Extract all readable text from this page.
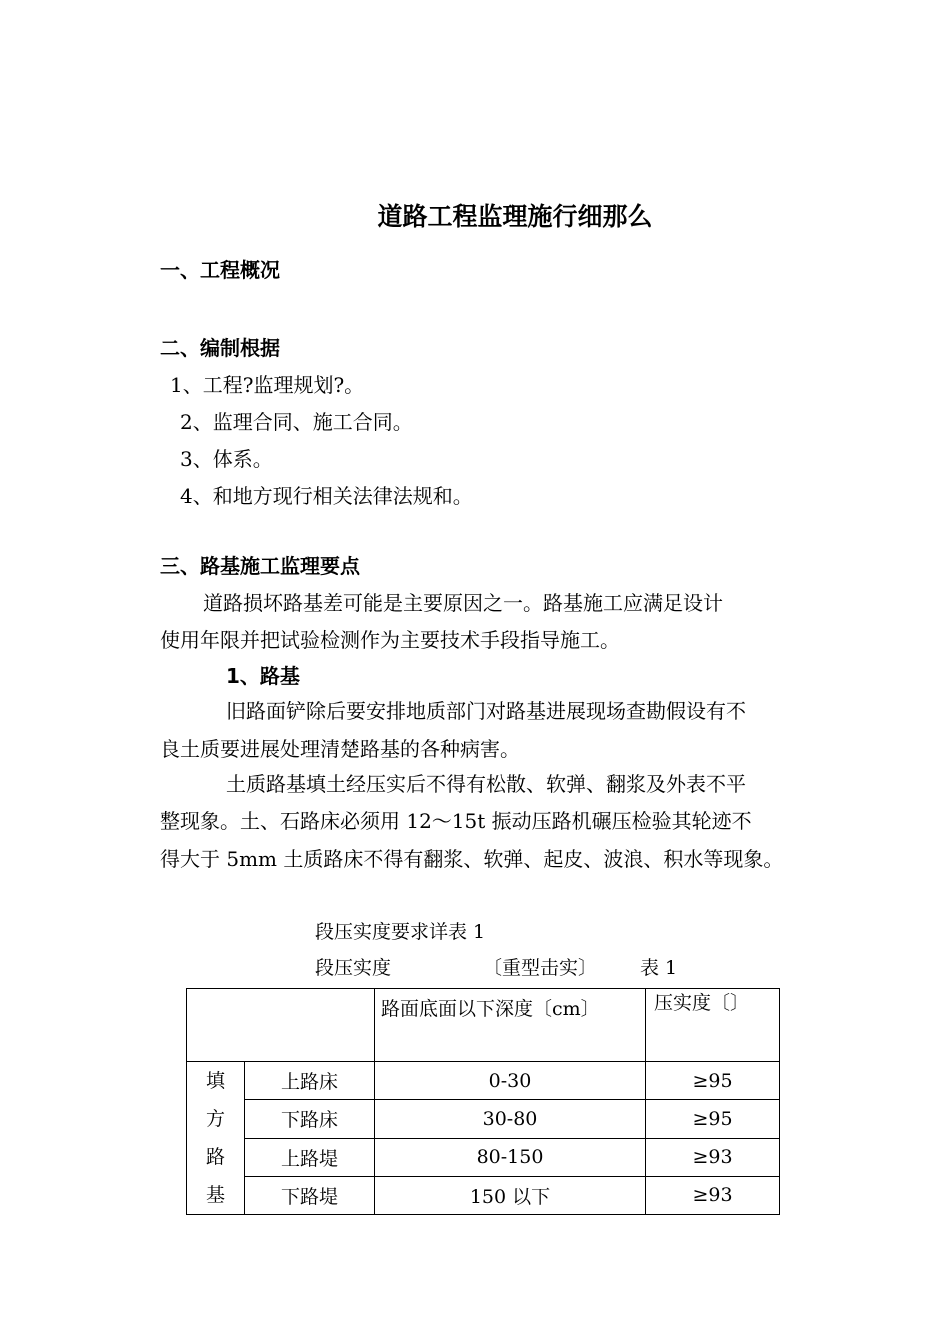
道路工程监理施行细那么
一、工程概况
二、编制根据
1、工程?监理规划?。
2、监理合同、施工合同。
3、体系。
4、和地方现行相关法律法规和。
三、路基施工监理要点
道路损坏路基差可能是主要原因之一。路基施工应满足设计
使用年限并把试验检测作为主要技术手段指导施工。
1、路基
旧路面铲除后要安排地质部门对路基进展现场查勘假设有不
良土质要进展处理清楚路基的各种病害。
土质路基填土经压实后不得有松散、软弹、翻浆及外表不平
整现象。土、石路床必须用 12～15t 振动压路机碾压检验其轮迹不
得大于 5mm 土质路床不得有翻浆、软弹、起皮、波浪、积水等现象。
段压实度要求详表 1
段压实度	〔重型击实〕 表 1
		路面底面以下深度〔cm〕	压实度〔〕

填
方
路
基	上路床	0-30	≥95
	下路床	30-80	≥95
	上路堤	80-150	≥93
	下路堤	150 以下	≥93
